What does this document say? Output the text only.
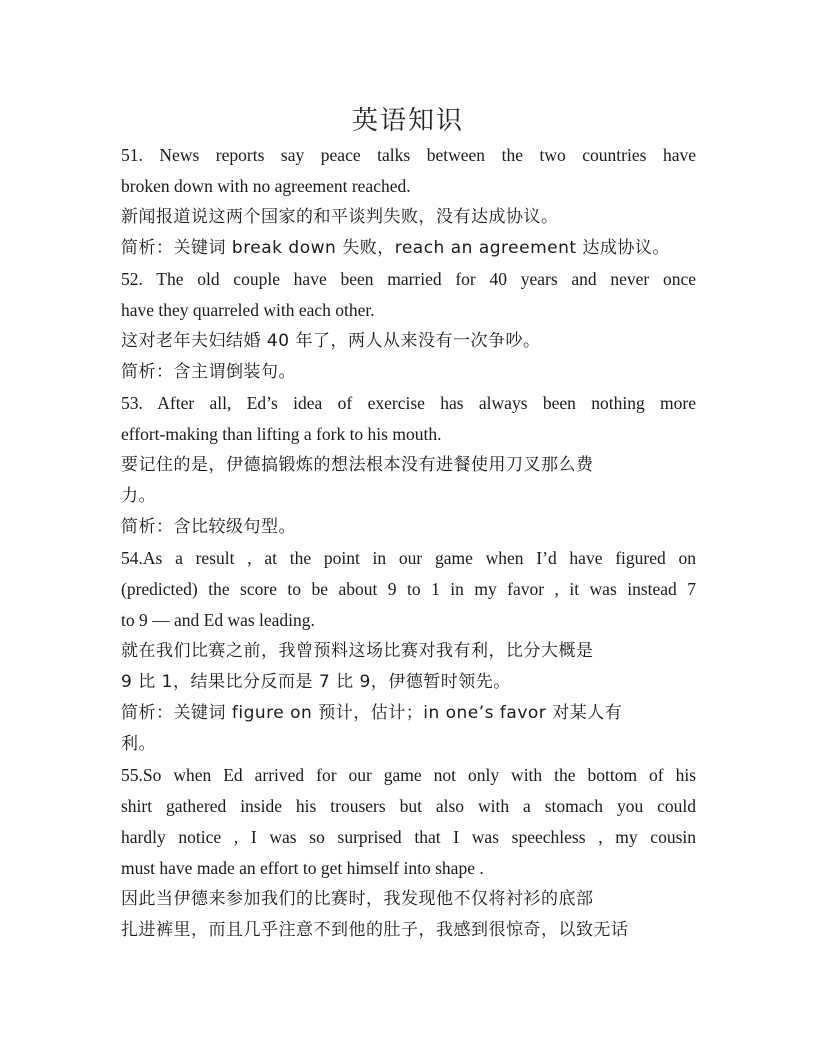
英语知识
51. News reports say peace talks between the two countries have
broken down with no agreement reached.
新闻报道说这两个国家的和平谈判失败，没有达成协议。
简析：关键词 break down 失败，reach an agreement 达成协议。
52. The old couple have been married for 40 years and never once
have they quarreled with each other.
这对老年夫妇结婚 40 年了，两人从来没有一次争吵。
简析：含主谓倒装句。
53. After all, Ed’s idea of exercise has always been nothing more
effort-making than lifting a fork to his mouth.
要记住的是，伊德搞锻炼的想法根本没有进餐使用刀叉那么费
力。
简析：含比较级句型。
54.As a result , at the point in our game when I’d have figured on
(predicted) the score to be about 9 to 1 in my favor , it was instead 7
to 9 — and Ed was leading.
就在我们比赛之前，我曾预料这场比赛对我有利，比分大概是
9 比 1，结果比分反而是 7 比 9，伊德暂时领先。
简析：关键词 figure on 预计，估计；in one’s favor 对某人有
利。
55.So when Ed arrived for our game not only with the bottom of his
shirt gathered inside his trousers but also with a stomach you could
hardly notice , I was so surprised that I was speechless , my cousin
must have made an effort to get himself into shape .
因此当伊德来参加我们的比赛时，我发现他不仅将衬衫的底部
扎进裤里，而且几乎注意不到他的肚子，我感到很惊奇，以致无话
